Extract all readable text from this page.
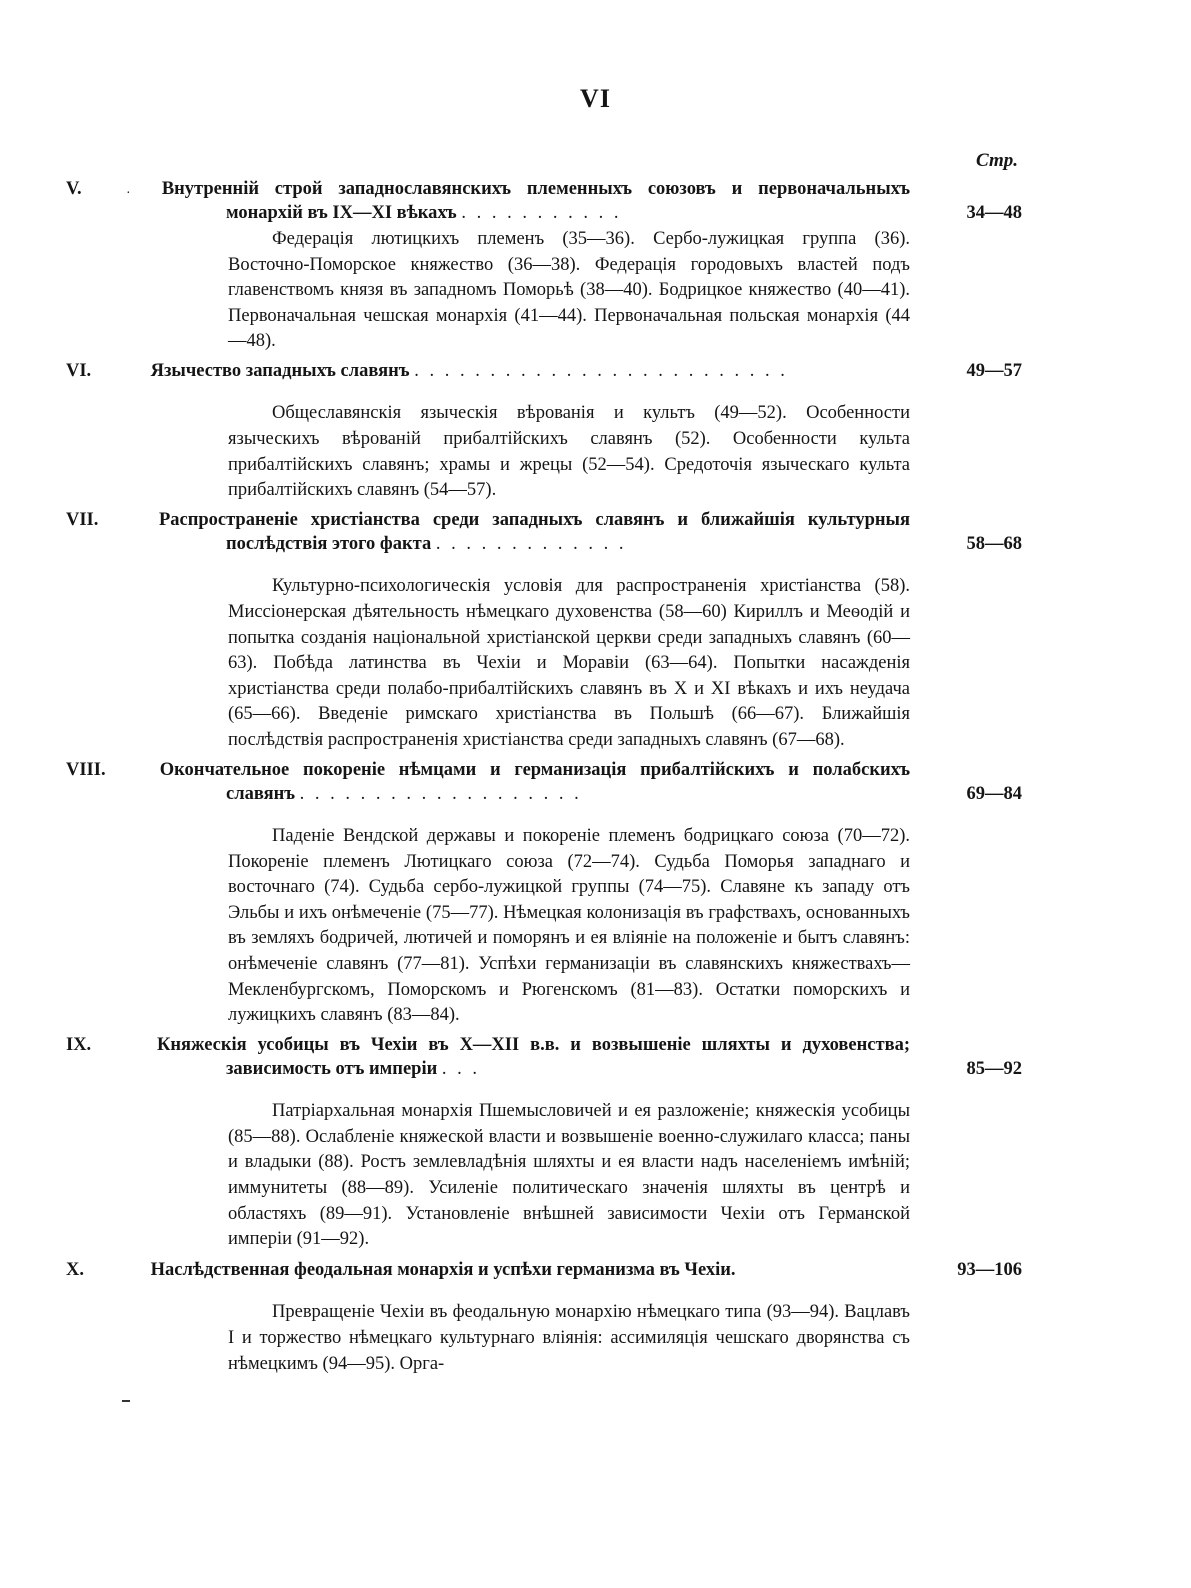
VI
Стр.
·
V.	Внутреннiй строй западнославянскихъ племенныхъ союзовъ и первоначальныхъ монархiй въ IX—XI вѣкахъ . . . . . . . . . . .	34—48

Федерацiя лютицкихъ племенъ (35—36). Сербо-лужицкая группа (36). Восточно-Поморское княжество (36—38). Федерацiя городовыхъ властей подъ главенствомъ князя въ западномъ Поморьѣ (38—40). Бодрицкое княжество (40—41). Первоначальная чешская монархiя (41—44). Первоначальная польская монархiя (44—48).

VI.	Язычество западныхъ славянъ . . . . . . . . . . . . . . . . . . . . . . . . .	49—57

Общеславянскiя языческiя вѣрованiя и культъ (49—52). Особенности языческихъ вѣрованiй прибалтiйскихъ славянъ (52). Особенности культа прибалтiйскихъ славянъ; храмы и жрецы (52—54). Средоточiя языческаго культа прибалтiйскихъ славянъ (54—57).

VII.	Распространенiе христiанства среди западныхъ славянъ и ближайшiя культурныя послѣдствiя этого факта . . . . . . . . . . . . .	58—68

Культурно-психологическiя условiя для распространенiя христiанства (58). Миссiонерская дѣятельность нѣмецкаго духовенства (58—60) Кириллъ и Меѳодiй и попытка созданiя нацiональной христiанской церкви среди западныхъ славянъ (60—63). Побѣда латинства въ Чехiи и Моравiи (63—64). Попытки насажденiя христiанства среди полабо-прибалтiйскихъ славянъ въ X и XI вѣкахъ и ихъ неудача (65—66). Введенiе римскаго христiанства въ Польшѣ (66—67). Ближайшiя послѣдствiя распространенiя христiанства среди западныхъ славянъ (67—68).

VIII.	Окончательное покоренiе нѣмцами и германизацiя прибалтiйскихъ и полабскихъ славянъ . . . . . . . . . . . . . . . . . . .	69—84

Паденiе Вендской державы и покоренiе племенъ бодрицкаго союза (70—72). Покоренiе племенъ Лютицкаго союза (72—74). Судьба Поморья западнаго и восточнаго (74). Судьба сербо-лужицкой группы (74—75). Славяне къ западу отъ Эльбы и ихъ онѣмеченiе (75—77). Нѣмецкая колонизацiя въ графствахъ, основанныхъ въ земляхъ бодричей, лютичей и поморянъ и ея влiянiе на положенiе и бытъ славянъ: онѣмеченiе славянъ (77—81). Успѣхи германизацiи въ славянскихъ княжествахъ—Мекленбургскомъ, Поморскомъ и Рюгенскомъ (81—83). Остатки поморскихъ и лужицкихъ славянъ (83—84).

IX.	Княжескiя усобицы въ Чехiи въ X—XII в.в. и возвышенiе шляхты и духовенства; зависимость отъ имперiи . . .	85—92

Патрiархальная монархiя Пшемысловичей и ея разложенiе; княжескiя усобицы (85—88). Ослабленiе княжеской власти и возвышенiе военно-служилаго класса; паны и владыки (88). Ростъ землевладѣнiя шляхты и ея власти надъ населенiемъ имѣнiй; иммунитеты (88—89). Усиленiе политическаго значенiя шляхты въ центрѣ и областяхъ (89—91). Установленiе внѣшней зависимости Чехiи отъ Германской имперiи (91—92).

X.	Наслѣдственная феодальная монархiя и успѣхи германизма въ Чехiи.	93—106

Превращенiе Чехiи въ феодальную монархiю нѣмецкаго типа (93—94). Вацлавъ I и торжество нѣмецкаго культурнаго влiянiя: ассимиляцiя чешскаго дворянства съ нѣмецкимъ (94—95). Орга-
